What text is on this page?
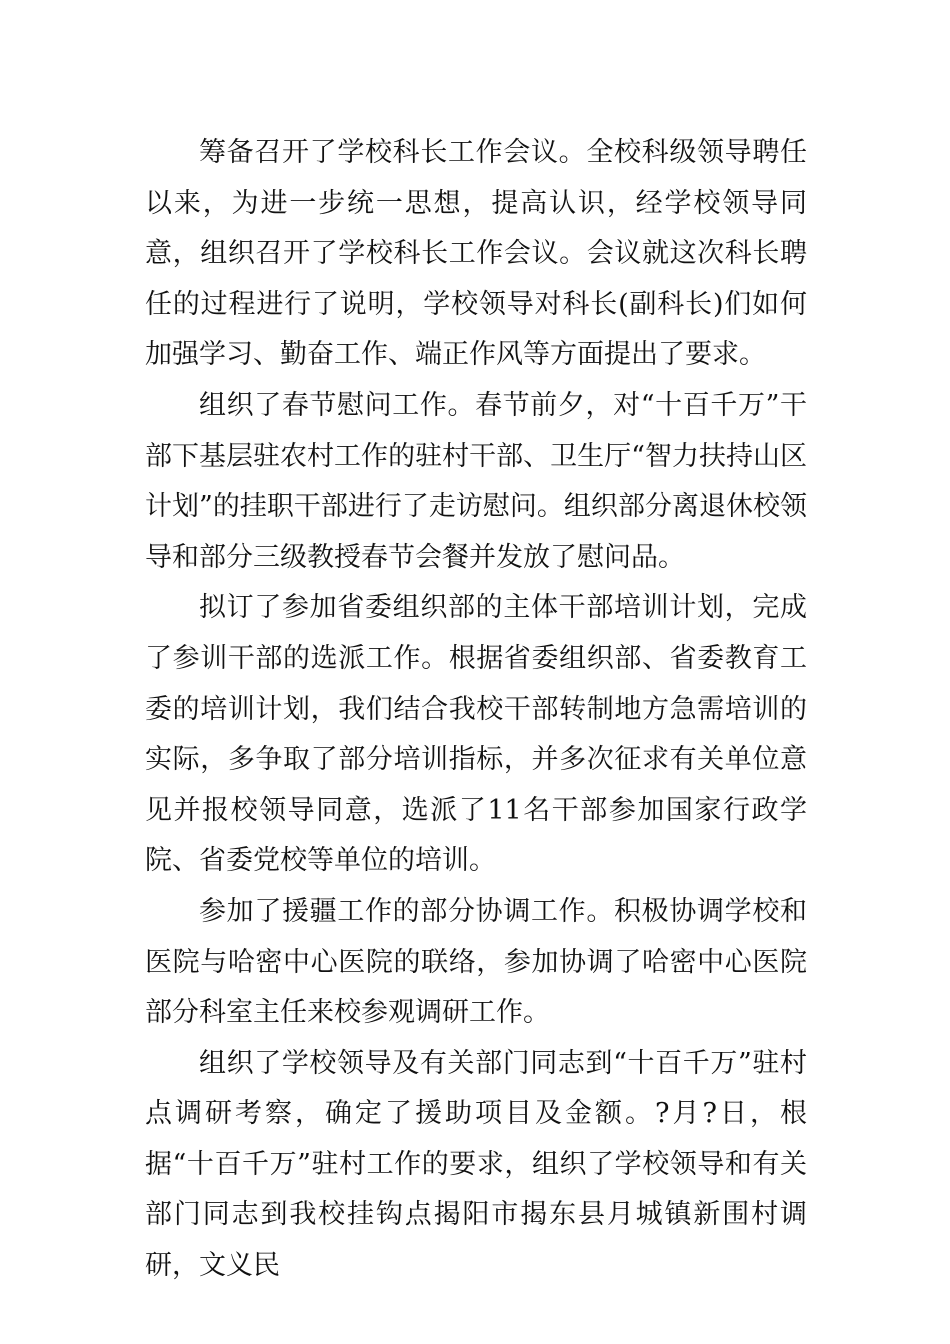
筹备召开了学校科长工作会议。全校科级领导聘任以来，为进一步统一思想，提高认识，经学校领导同意，组织召开了学校科长工作会议。会议就这次科长聘任的过程进行了说明，学校领导对科长(副科长)们如何加强学习、勤奋工作、端正作风等方面提出了要求。

组织了春节慰问工作。春节前夕，对“十百千万”干部下基层驻农村工作的驻村干部、卫生厅“智力扶持山区计划”的挂职干部进行了走访慰问。组织部分离退休校领导和部分三级教授春节会餐并发放了慰问品。

拟订了参加省委组织部的主体干部培训计划，完成了参训干部的选派工作。根据省委组织部、省委教育工委的培训计划，我们结合我校干部转制地方急需培训的实际，多争取了部分培训指标，并多次征求有关单位意见并报校领导同意，选派了11名干部参加国家行政学院、省委党校等单位的培训。

参加了援疆工作的部分协调工作。积极协调学校和医院与哈密中心医院的联络，参加协调了哈密中心医院部分科室主任来校参观调研工作。

组织了学校领导及有关部门同志到“十百千万”驻村点调研考察，确定了援助项目及金额。?月?日，根据“十百千万”驻村工作的要求，组织了学校领导和有关部门同志到我校挂钩点揭阳市揭东县月城镇新围村调研，文义民
